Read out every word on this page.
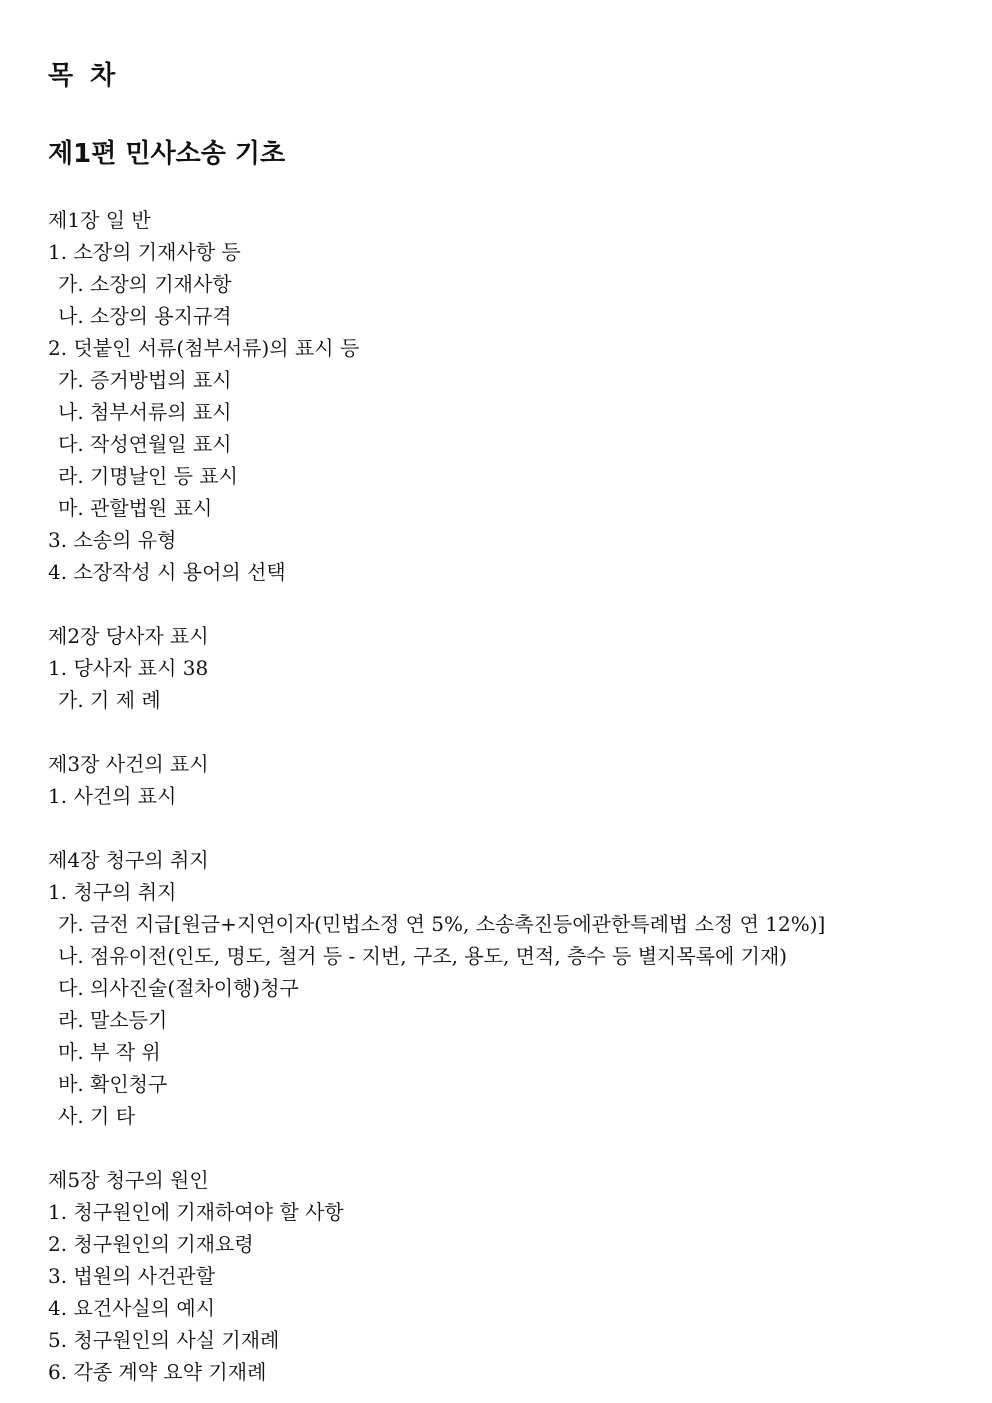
목 차
제1편 민사소송 기초
제1장 일 반
1. 소장의 기재사항 등
가. 소장의 기재사항
나. 소장의 용지규격
2. 덧붙인 서류(첨부서류)의 표시 등
가. 증거방법의 표시
나. 첨부서류의 표시
다. 작성연월일 표시
라. 기명날인 등 표시
마. 관할법원 표시
3. 소송의 유형
4. 소장작성 시 용어의 선택
제2장 당사자 표시
1. 당사자 표시 38
가. 기 제 례
제3장 사건의 표시
1. 사건의 표시
제4장 청구의 취지
1. 청구의 취지
가. 금전 지급[원금+지연이자(민법소정 연 5%, 소송촉진등에관한특례법 소정 연 12%)]
나. 점유이전(인도, 명도, 철거 등 - 지번, 구조, 용도, 면적, 층수 등 별지목록에 기재)
다. 의사진술(절차이행)청구
라. 말소등기
마. 부 작 위
바. 확인청구
사. 기 타
제5장 청구의 원인
1. 청구원인에 기재하여야 할 사항
2. 청구원인의 기재요령
3. 법원의 사건관할
4. 요건사실의 예시
5. 청구원인의 사실 기재례
6. 각종 계약 요약 기재례
